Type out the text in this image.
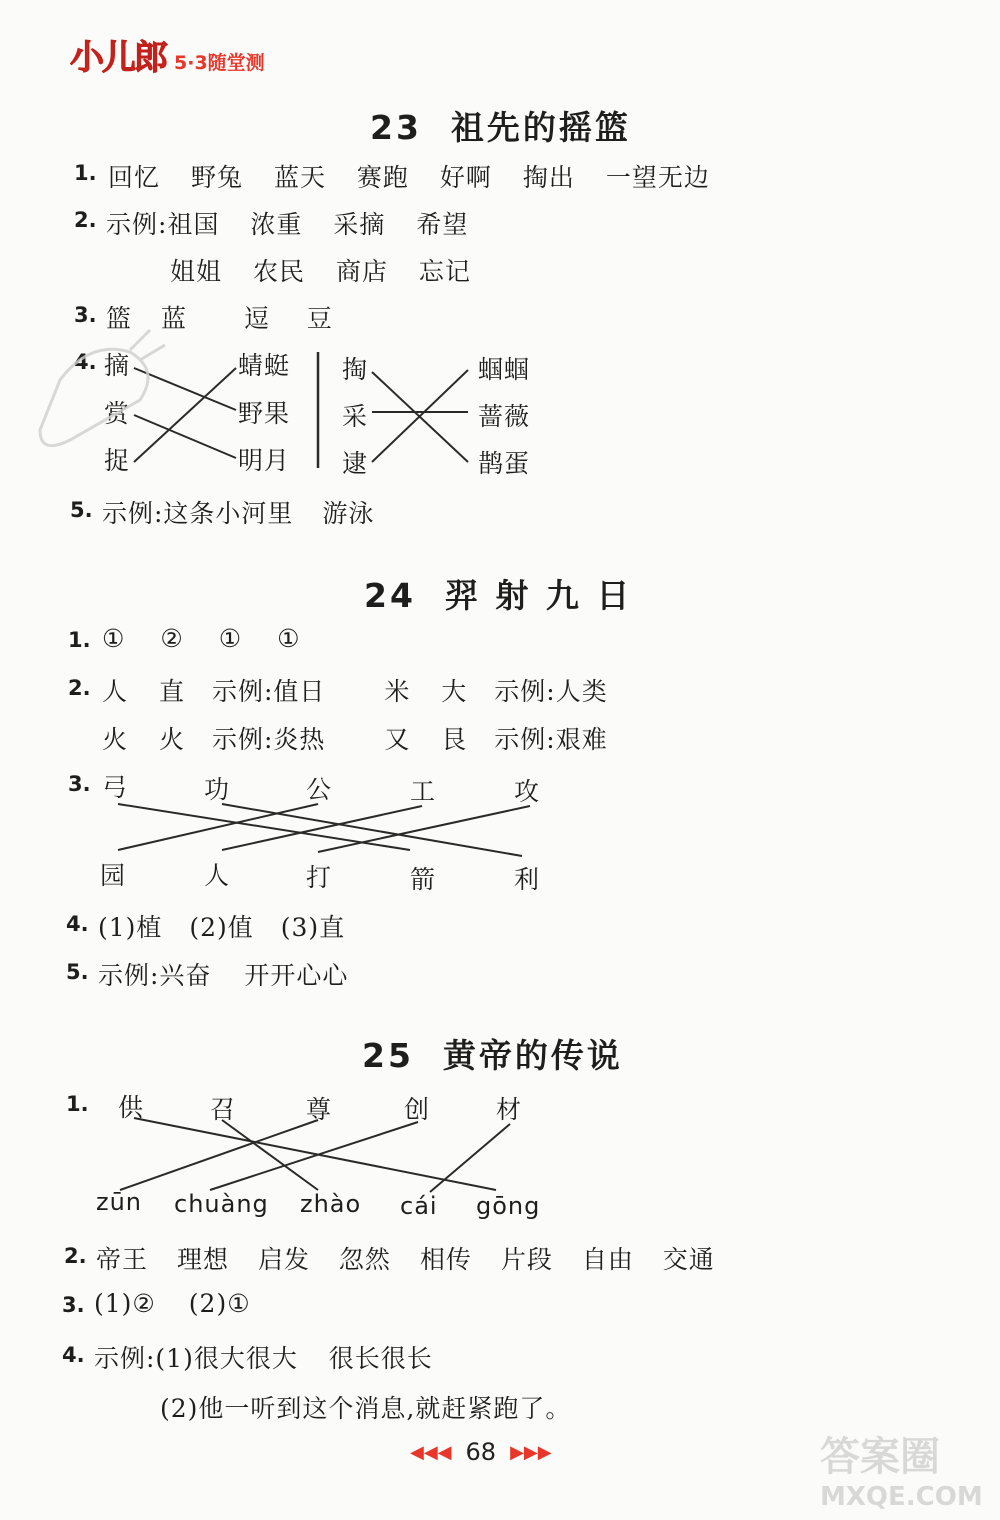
小儿郎 5·3随堂测
23 祖先的摇篮
1. 回忆 野兔 蓝天 赛跑 好啊 掏出 一望无边
2. 示例:祖国 浓重 采摘 希望
姐姐 农民 商店 忘记
3. 篮 蓝 逗 豆
4. 摘
赏
捉
蜻蜓
野果
明月
掏
采
逮
蝈蝈
蔷薇
鹊蛋
5. 示例:这条小河里 游泳
24 羿 射 九 日
1. ① ② ① ①
2. 人 直 示例:值日 米 大 示例:人类
火 火 示例:炎热 又 艮 示例:艰难
3. 弓	功	公	工	攻
园	人	打	箭	利
4. (1)植 (2)值 (3)直
5. 示例:兴奋 开开心心
25 黄帝的传说
1. 供	召	尊	创	材
zūn chuàng zhào cái gōng
2. 帝王 理想 启发 忽然 相传 片段 自由 交通
3. (1)② (2)①
4. 示例:(1)很大很大 很长很长
(2)他一听到这个消息,就赶紧跑了。
◀◀◀ 68 ▶▶▶	答案圈
MXQE.COM
